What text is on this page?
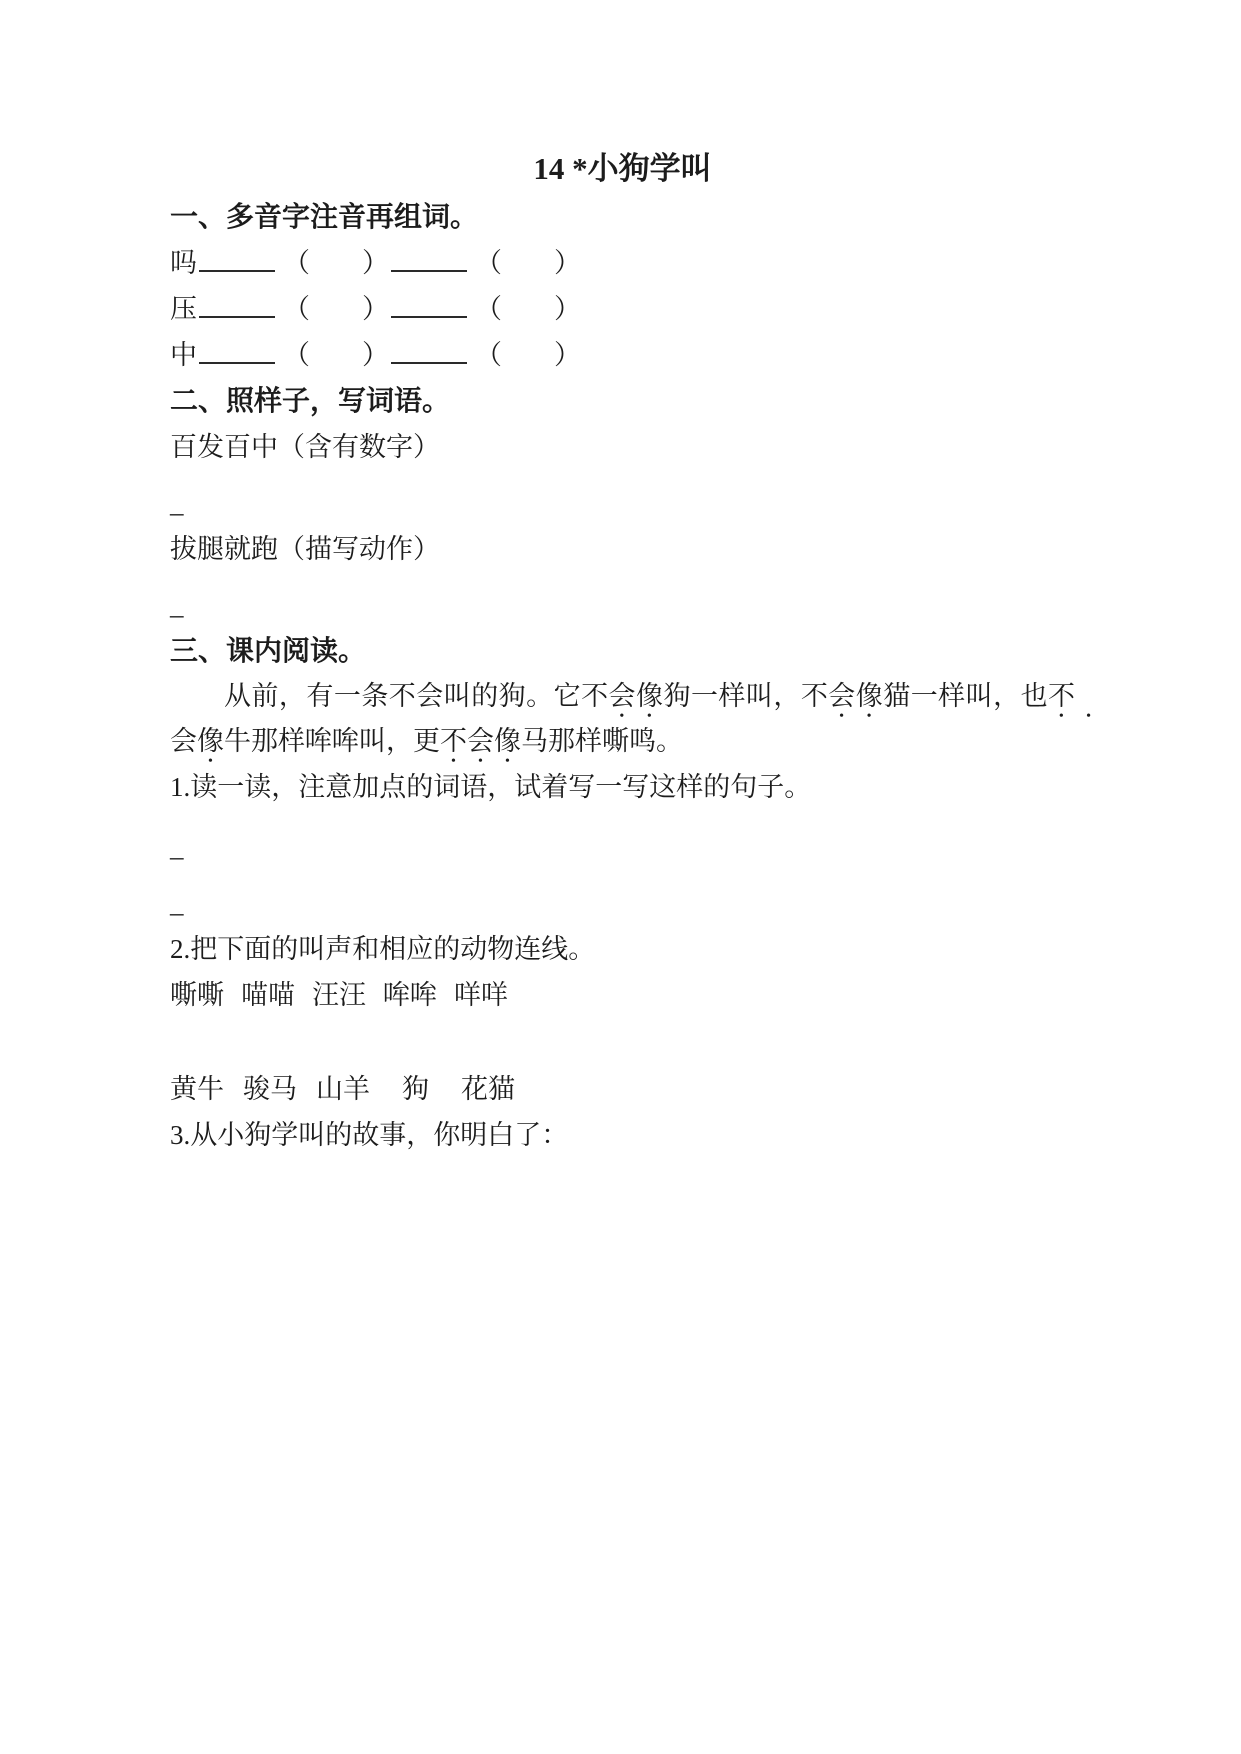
14 *小狗学叫
一、多音字注音再组词。
吗	（ ）	（ ）
压	（ ）	（ ）
中	（ ）	（ ）
二、照样子，写词语。
百发百中（含有数字）
_
拔腿就跑（描写动作）
_
三、课内阅读。
从前，有一条不会叫的狗。它不会像狗一样叫，不会像猫一样叫，也不会像牛那样哞哞叫，更不会像马那样嘶鸣。
1.读一读，注意加点的词语，试着写一写这样的句子。
_
_
2.把下面的叫声和相应的动物连线。
嘶嘶 喵喵 汪汪 哞哞 咩咩
黄牛 骏马 山羊 狗 花猫
3.从小狗学叫的故事，你明白了：
